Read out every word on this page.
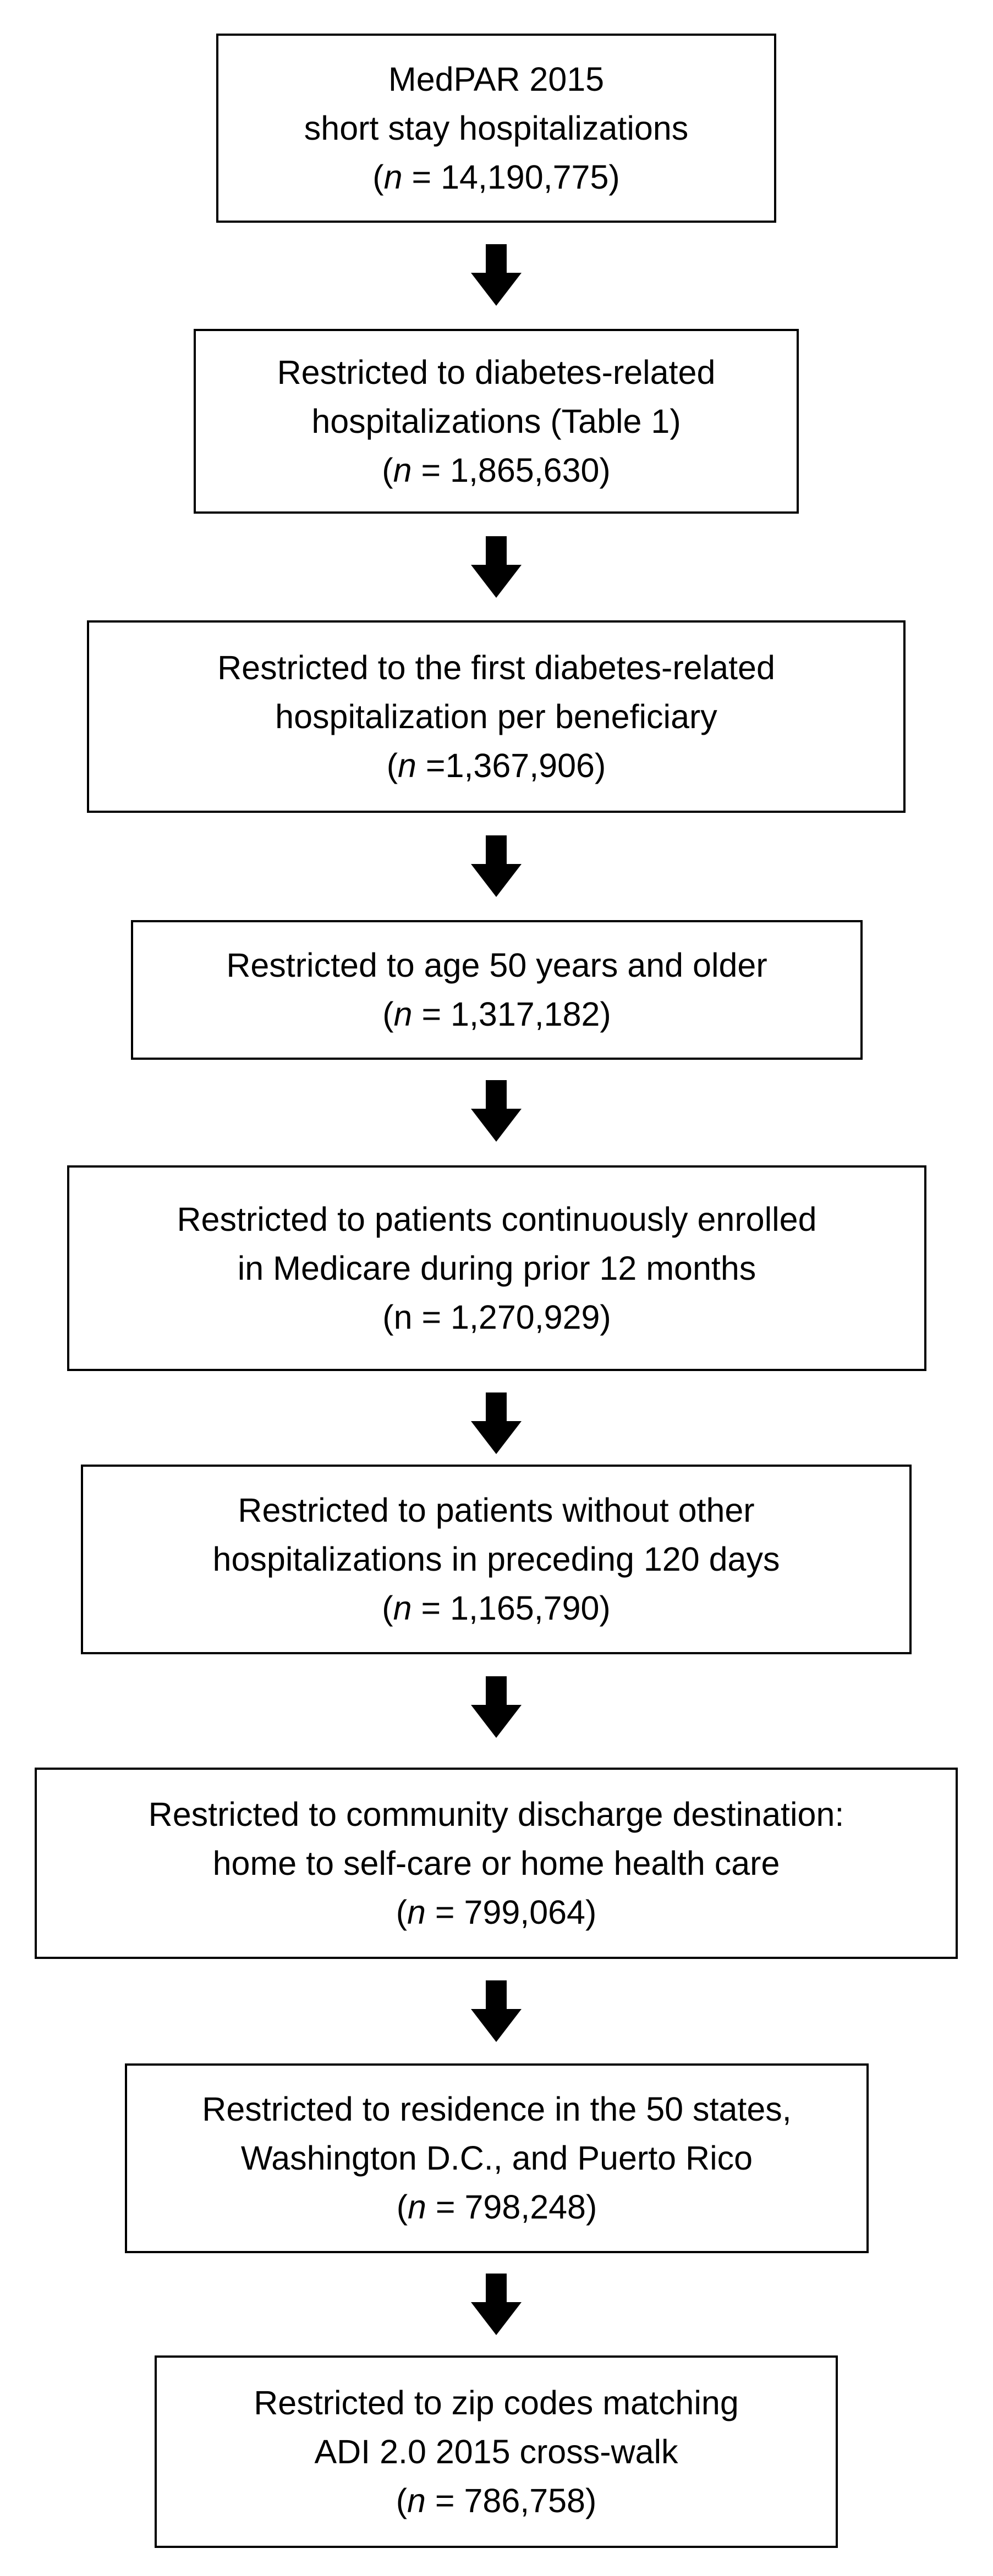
MedPAR 2015
short stay hospitalizations
(n = 14,190,775)
Restricted to diabetes-related
hospitalizations (Table 1)
(n = 1,865,630)
Restricted to the first diabetes-related
hospitalization per beneficiary
(n =1,367,906)
Restricted to age 50 years and older
(n = 1,317,182)
Restricted to patients continuously enrolled
in Medicare during prior 12 months
(n = 1,270,929)
Restricted to patients without other
hospitalizations in preceding 120 days
(n = 1,165,790)
Restricted to community discharge destination:
home to self-care or home health care
(n = 799,064)
Restricted to residence in the 50 states,
Washington D.C., and Puerto Rico
(n = 798,248)
Restricted to zip codes matching
ADI 2.0 2015 cross-walk
(n = 786,758)
